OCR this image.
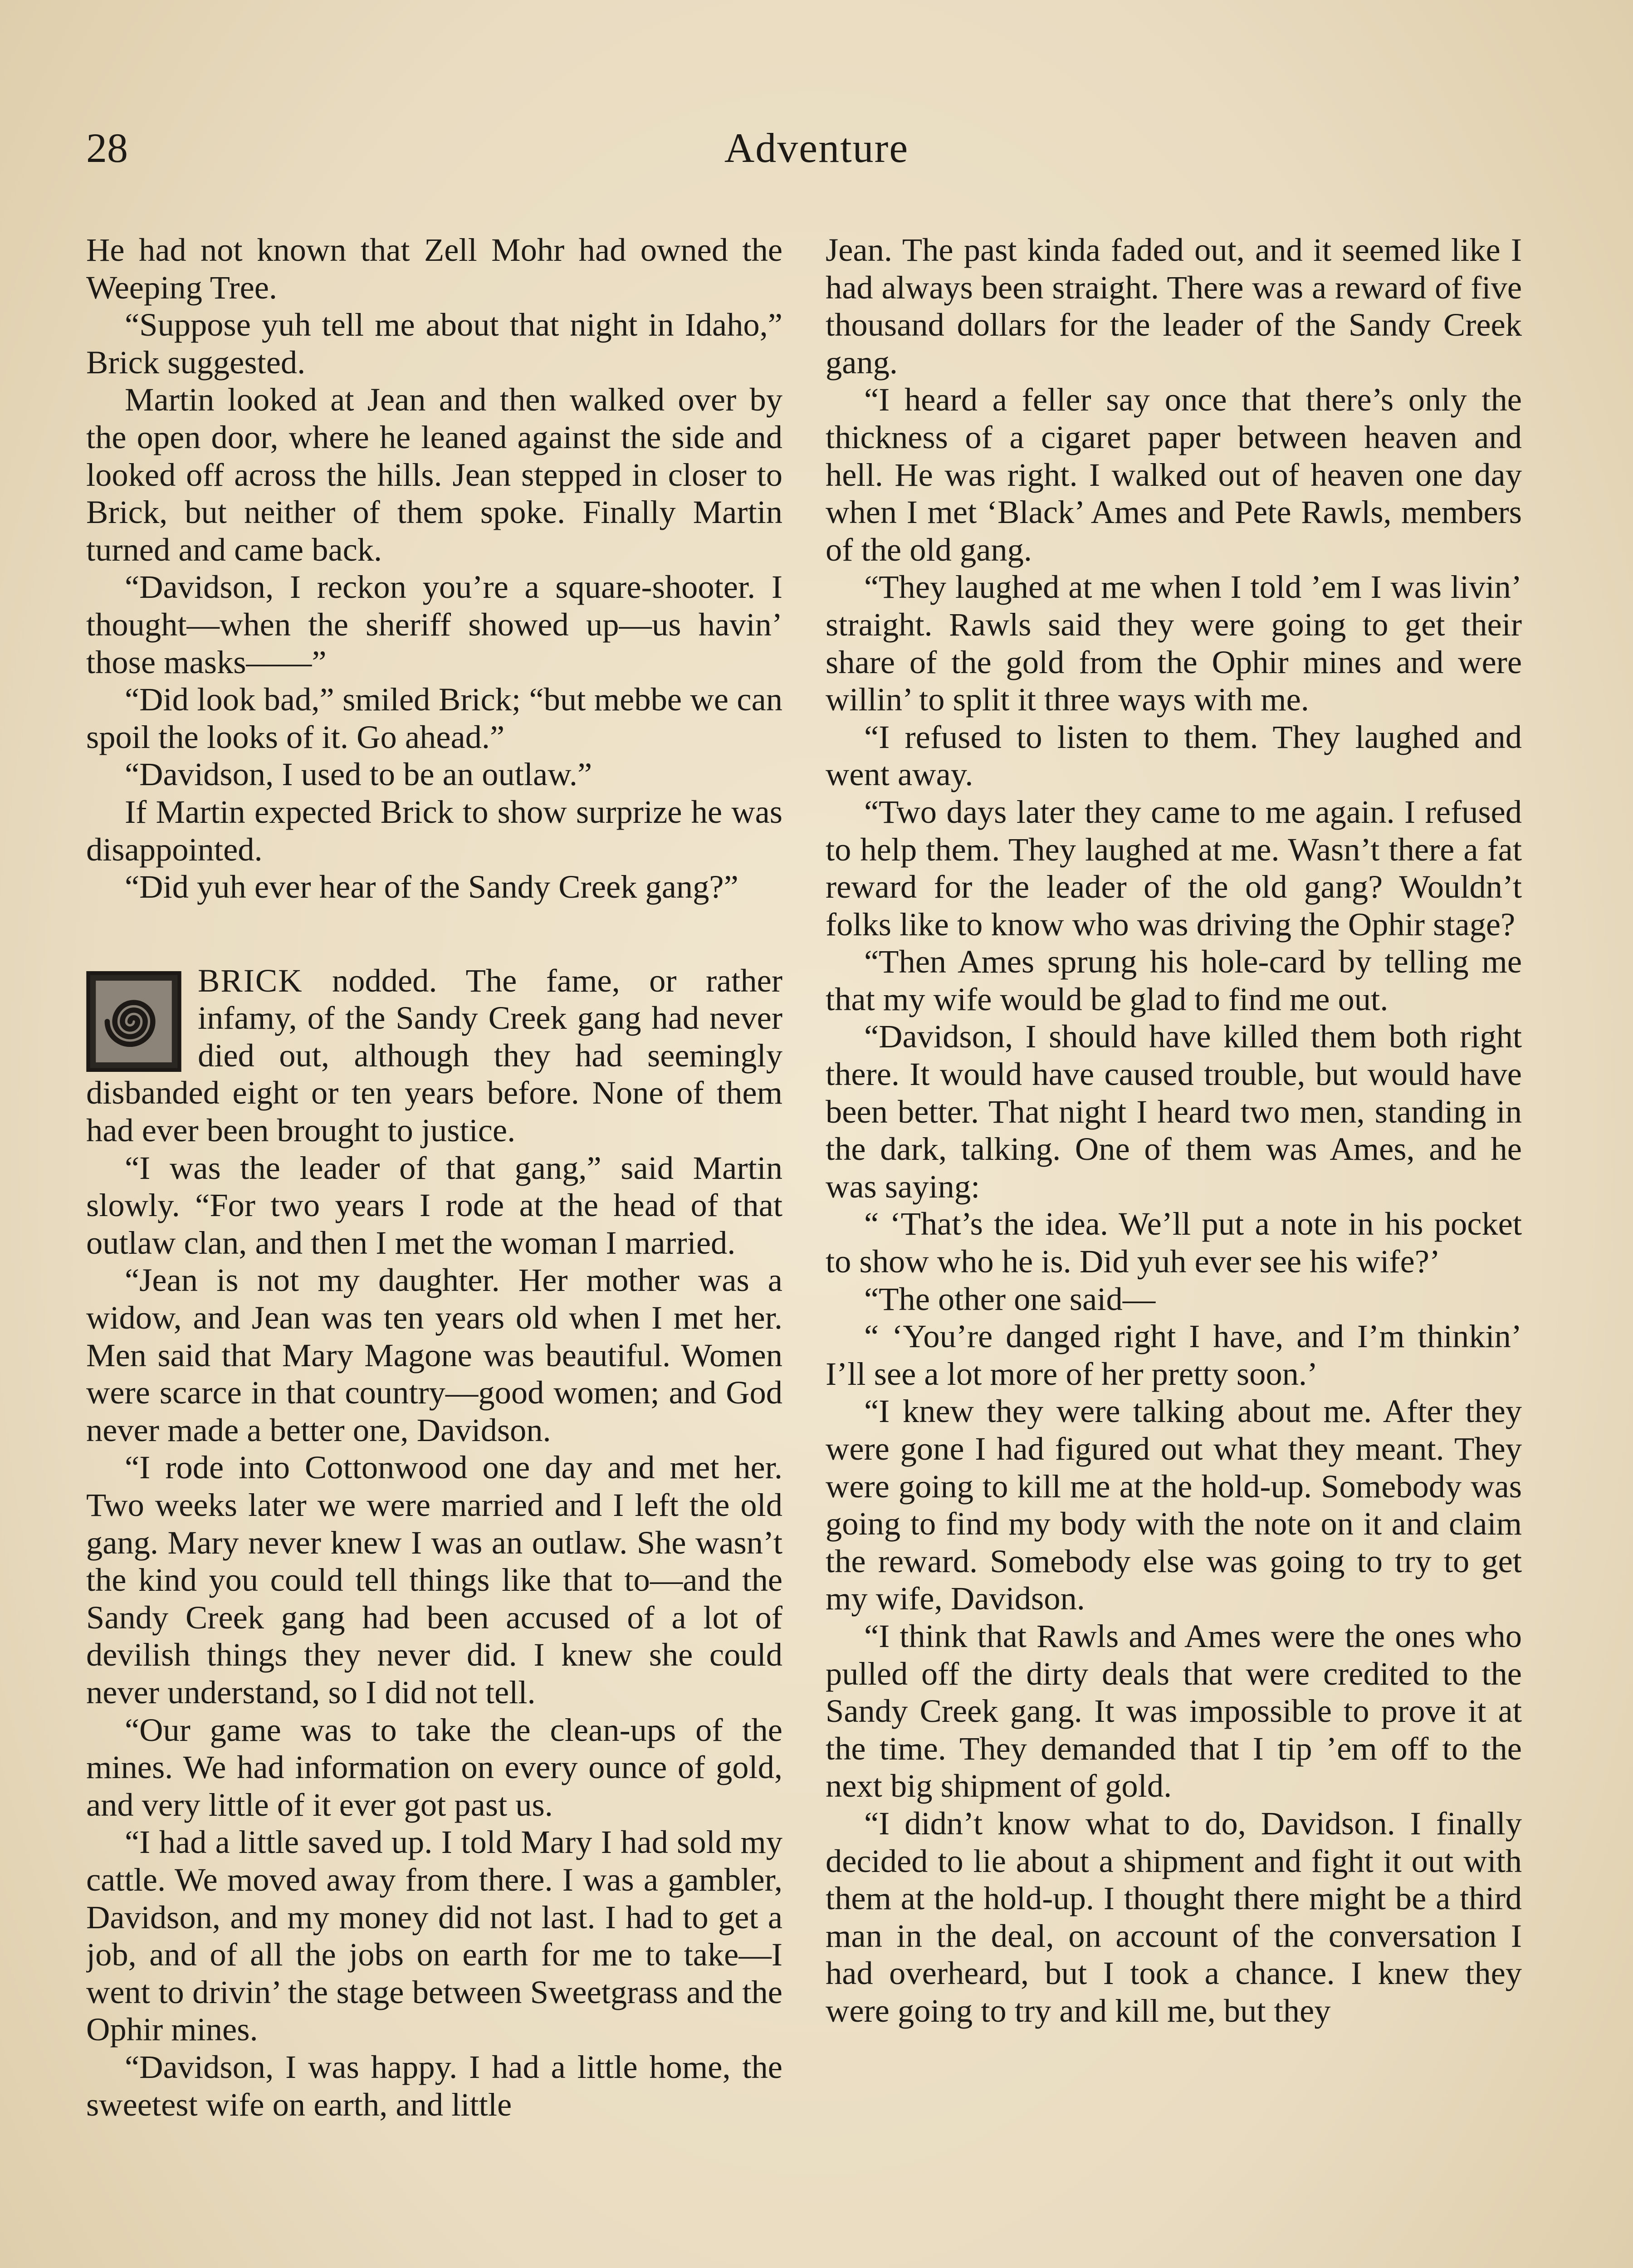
28	Adventure

He had not known that Zell Mohr had owned the Weeping Tree.

“Suppose yuh tell me about that night in Idaho,” Brick suggested.

Martin looked at Jean and then walked over by the open door, where he leaned against the side and looked off across the hills. Jean stepped in closer to Brick, but neither of them spoke. Finally Martin turned and came back.

“Davidson, I reckon you’re a square-shooter. I thought—when the sheriff showed up—us havin’ those masks——”

“Did look bad,” smiled Brick; “but mebbe we can spoil the looks of it. Go ahead.”

“Davidson, I used to be an outlaw.”

If Martin expected Brick to show surprize he was disappointed.

“Did yuh ever hear of the Sandy Creek gang?”

BRICK nodded. The fame, or rather infamy, of the Sandy Creek gang had never died out, although they had seemingly disbanded eight or ten years before. None of them had ever been brought to justice.

“I was the leader of that gang,” said Martin slowly. “For two years I rode at the head of that outlaw clan, and then I met the woman I married.

“Jean is not my daughter. Her mother was a widow, and Jean was ten years old when I met her. Men said that Mary Magone was beautiful. Women were scarce in that country—good women; and God never made a better one, Davidson.

“I rode into Cottonwood one day and met her. Two weeks later we were married and I left the old gang. Mary never knew I was an outlaw. She wasn’t the kind you could tell things like that to—and the Sandy Creek gang had been accused of a lot of devilish things they never did. I knew she could never understand, so I did not tell.

“Our game was to take the clean-ups of the mines. We had information on every ounce of gold, and very little of it ever got past us.

“I had a little saved up. I told Mary I had sold my cattle. We moved away from there. I was a gambler, Davidson, and my money did not last. I had to get a job, and of all the jobs on earth for me to take—I went to drivin’ the stage between Sweetgrass and the Ophir mines.

“Davidson, I was happy. I had a little home, the sweetest wife on earth, and little

Jean. The past kinda faded out, and it seemed like I had always been straight. There was a reward of five thousand dollars for the leader of the Sandy Creek gang.

“I heard a feller say once that there’s only the thickness of a cigaret paper between heaven and hell. He was right. I walked out of heaven one day when I met ‘Black’ Ames and Pete Rawls, members of the old gang.

“They laughed at me when I told ’em I was livin’ straight. Rawls said they were going to get their share of the gold from the Ophir mines and were willin’ to split it three ways with me.

“I refused to listen to them. They laughed and went away.

“Two days later they came to me again. I refused to help them. They laughed at me. Wasn’t there a fat reward for the leader of the old gang? Wouldn’t folks like to know who was driving the Ophir stage?

“Then Ames sprung his hole-card by telling me that my wife would be glad to find me out.

“Davidson, I should have killed them both right there. It would have caused trouble, but would have been better. That night I heard two men, standing in the dark, talking. One of them was Ames, and he was saying:

“ ‘That’s the idea. We’ll put a note in his pocket to show who he is. Did yuh ever see his wife?’

“The other one said—

“ ‘You’re danged right I have, and I’m thinkin’ I’ll see a lot more of her pretty soon.’

“I knew they were talking about me. After they were gone I had figured out what they meant. They were going to kill me at the hold-up. Somebody was going to find my body with the note on it and claim the reward. Somebody else was going to try to get my wife, Davidson.

“I think that Rawls and Ames were the ones who pulled off the dirty deals that were credited to the Sandy Creek gang. It was impossible to prove it at the time. They demanded that I tip ’em off to the next big shipment of gold.

“I didn’t know what to do, Davidson. I finally decided to lie about a shipment and fight it out with them at the hold-up. I thought there might be a third man in the deal, on account of the conversation I had overheard, but I took a chance. I knew they were going to try and kill me, but they
